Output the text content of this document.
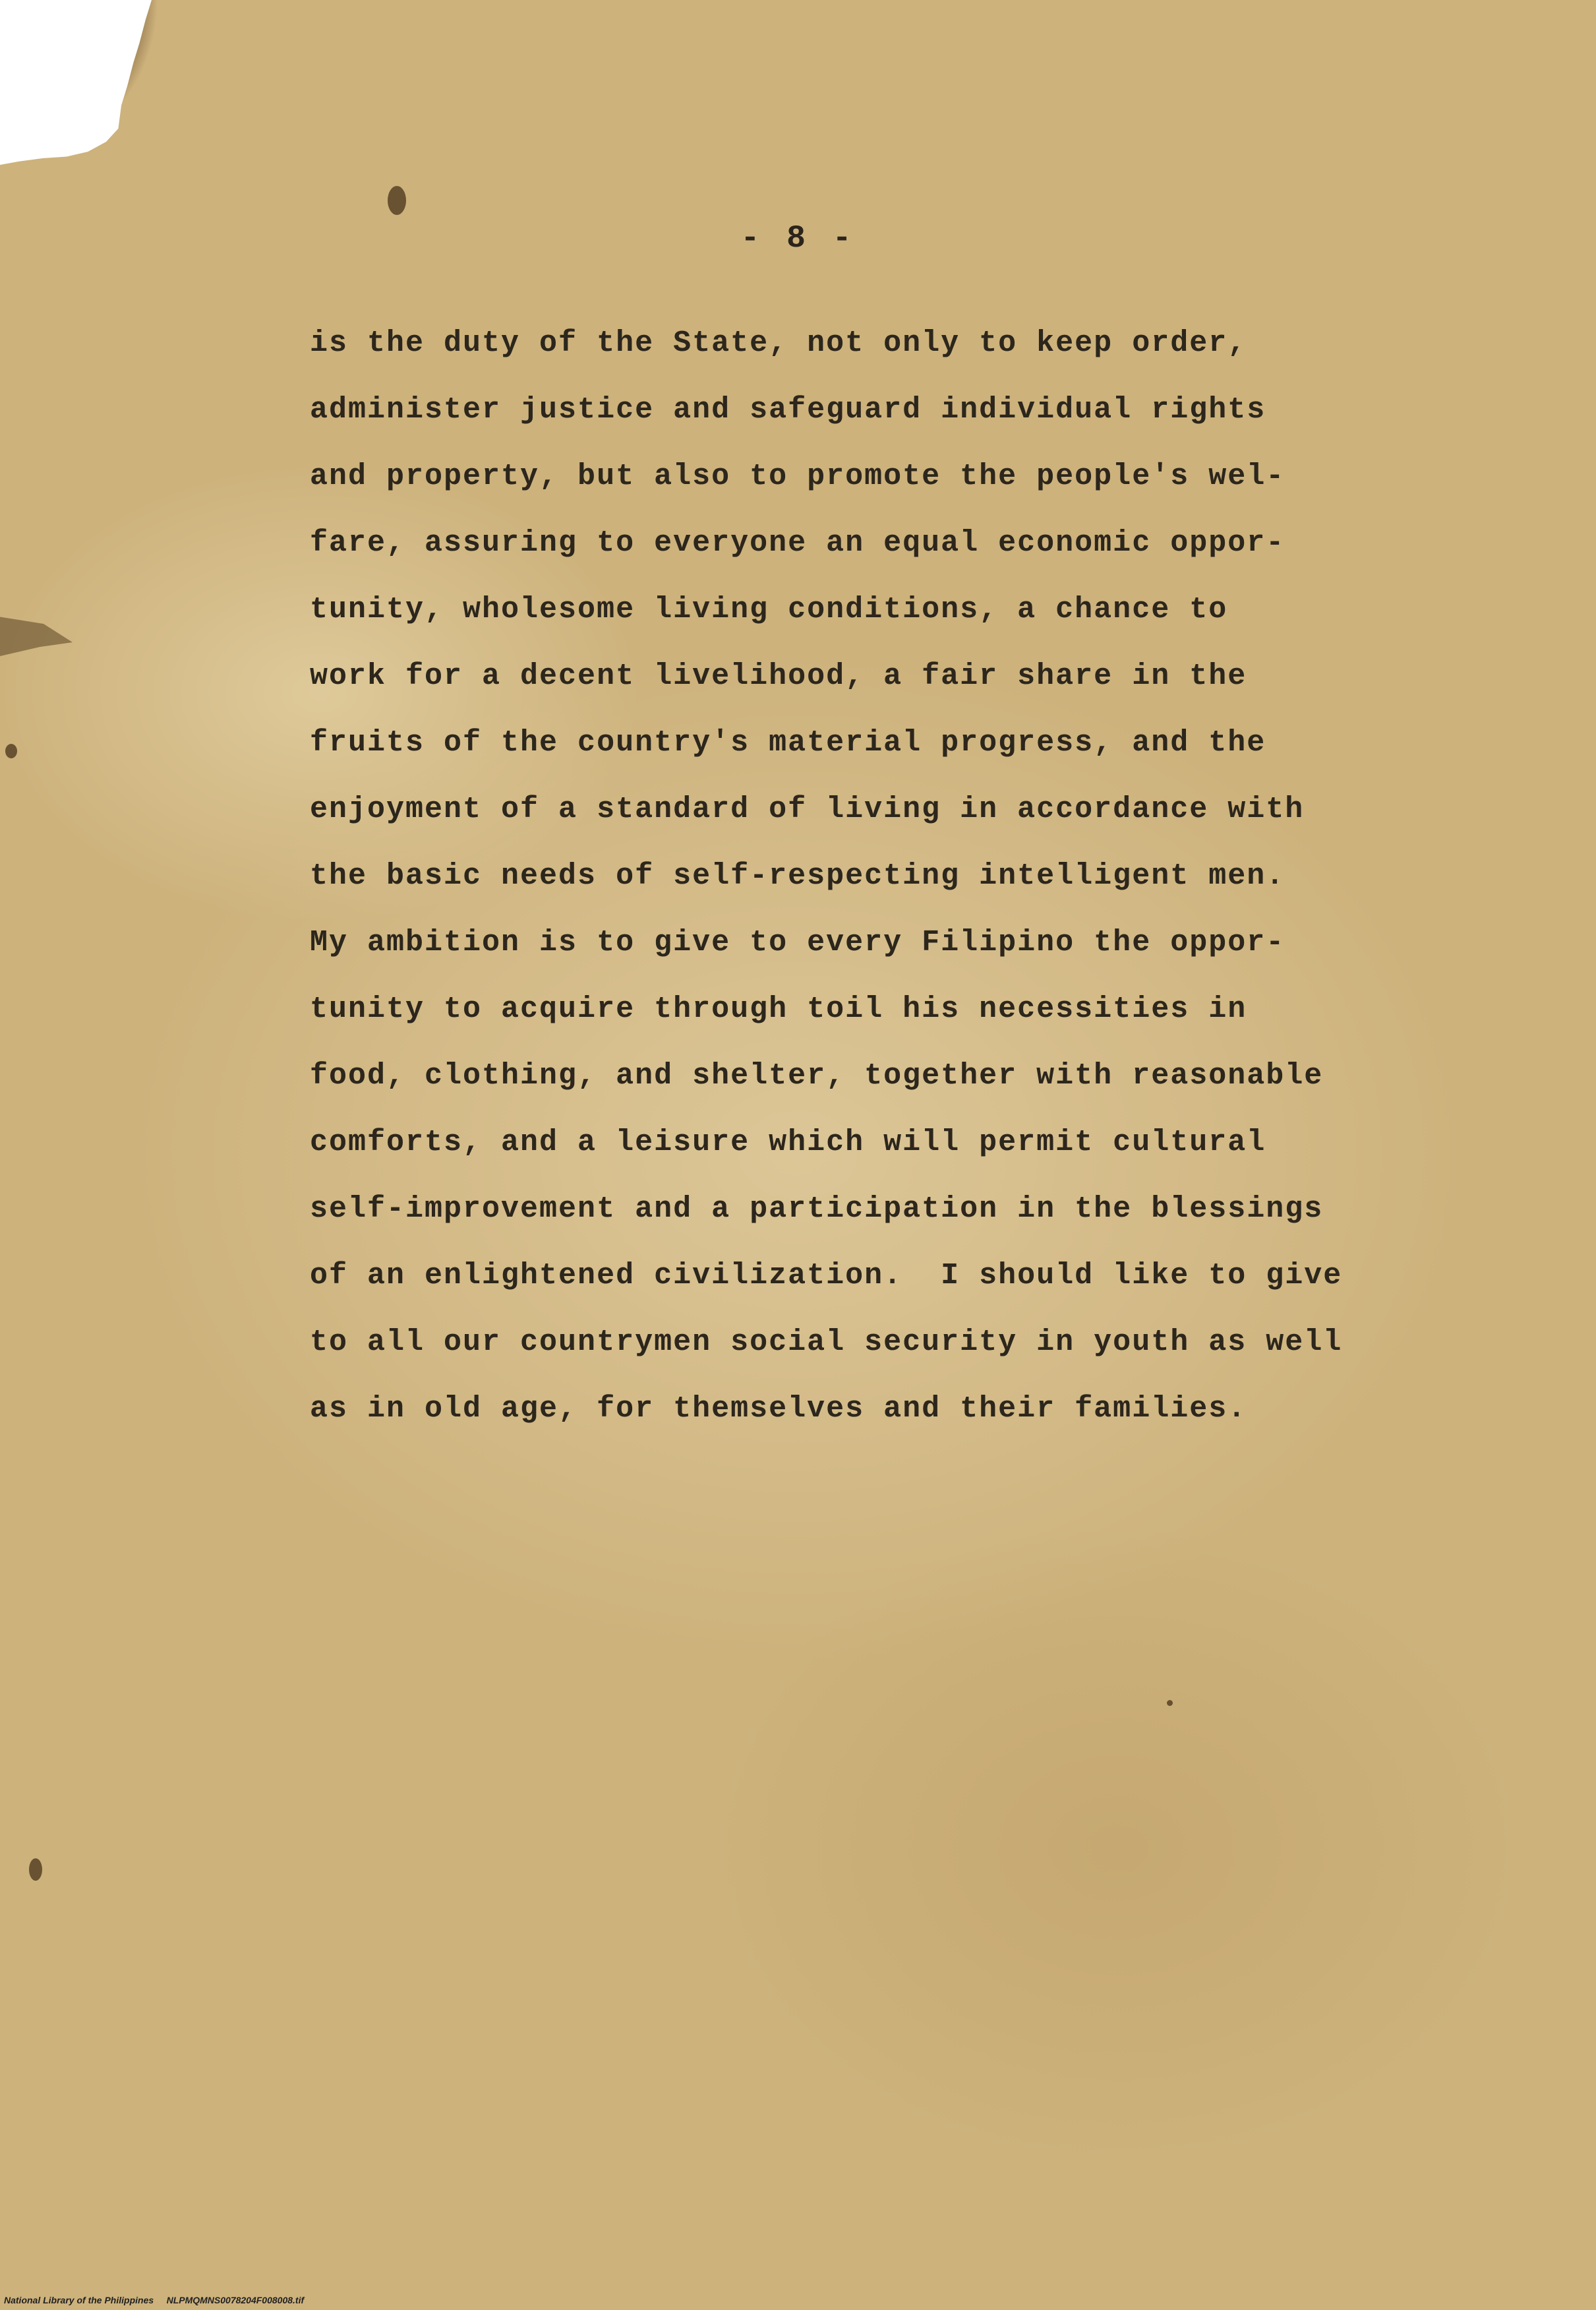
- 8 -
is the duty of the State, not only to keep order,
administer justice and safeguard individual rights
and property, but also to promote the people's wel-
fare, assuring to everyone an equal economic oppor-
tunity, wholesome living conditions, a chance to
work for a decent livelihood, a fair share in the
fruits of the country's material progress, and the
enjoyment of a standard of living in accordance with
the basic needs of self-respecting intelligent men.
My ambition is to give to every Filipino the oppor-
tunity to acquire through toil his necessities in
food, clothing, and shelter, together with reasonable
comforts, and a leisure which will permit cultural
self-improvement and a participation in the blessings
of an enlightened civilization.  I should like to give
to all our countrymen social security in youth as well
as in old age, for themselves and their families.
National Library of the Philippines     NLPMQMNS0078204F008008.tif
